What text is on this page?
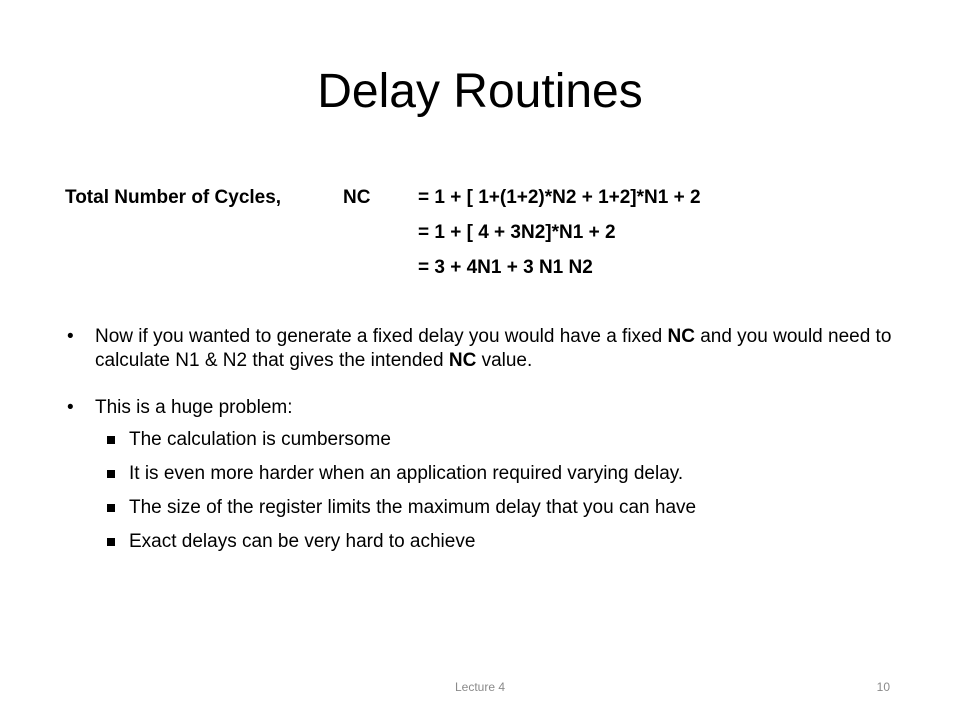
Delay Routines
Total Number of Cycles,	NC	= 1 + [ 1+(1+2)*N2 + 1+2]*N1 + 2
= 1 + [ 4 + 3N2]*N1 + 2
= 3 + 4N1 + 3 N1 N2
• Now if you wanted to generate a fixed delay you would have a fixed NC and you would need to calculate N1 & N2 that gives the intended NC value.
• This is a huge problem:
The calculation is cumbersome
It is even more harder when an application required varying delay.
The size of the register limits the maximum delay that you can have
Exact delays can be very hard to achieve
Lecture 4	10
